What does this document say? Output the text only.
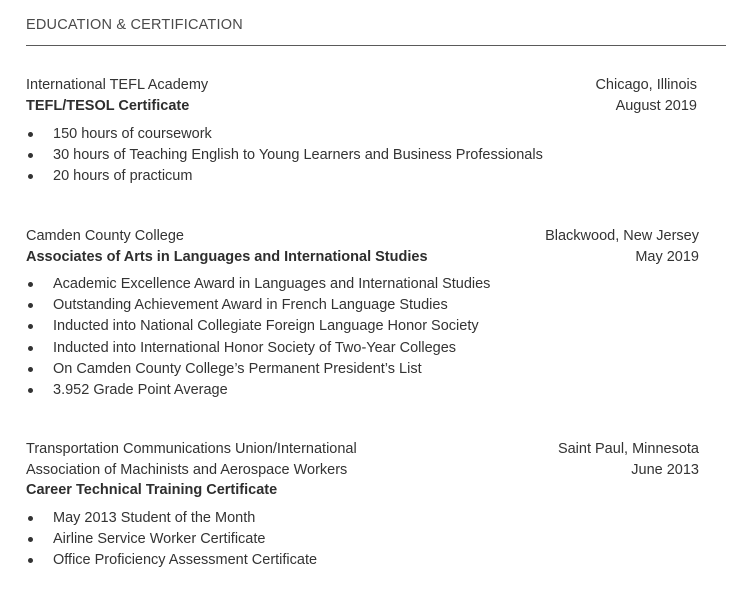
EDUCATION & CERTIFICATION
International TEFL Academy	Chicago, Illinois
TEFL/TESOL Certificate	August 2019
150 hours of coursework
30 hours of Teaching English to Young Learners and Business Professionals
20 hours of practicum
Camden County College	Blackwood, New Jersey
Associates of Arts in Languages and International Studies	May 2019
Academic Excellence Award in Languages and International Studies
Outstanding Achievement Award in French Language Studies
Inducted into National Collegiate Foreign Language Honor Society
Inducted into International Honor Society of Two-Year Colleges
On Camden County College’s Permanent President’s List
3.952 Grade Point Average
Transportation Communications Union/International	Saint Paul, Minnesota
Association of Machinists and Aerospace Workers	June 2013
Career Technical Training Certificate
May 2013 Student of the Month
Airline Service Worker Certificate
Office Proficiency Assessment Certificate
